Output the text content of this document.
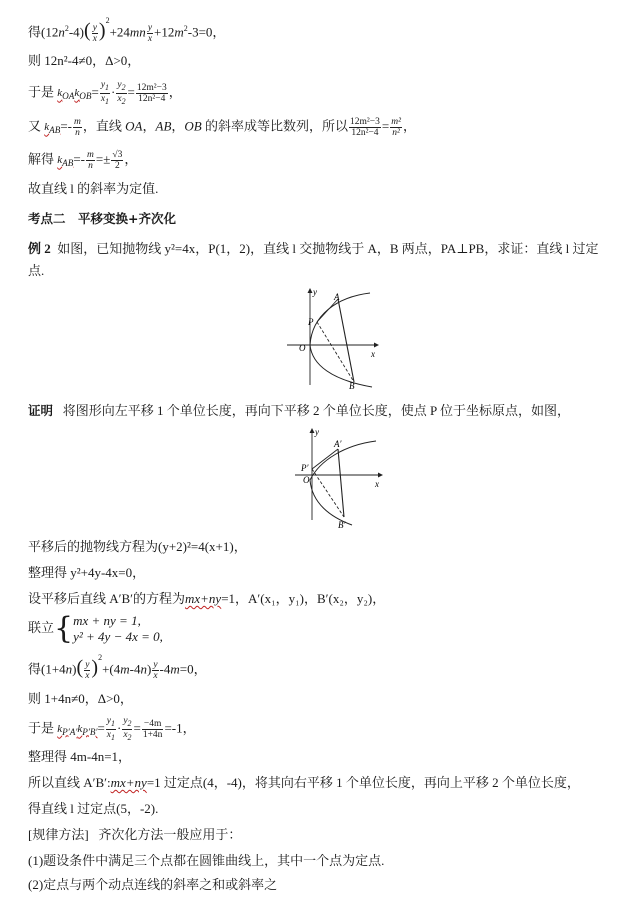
得$(12n^2-4)( \frac{y}{x} )^2+24mn \frac{y}{x} +12m^2-3=0$，
则 12n²-4≠0，Δ>0，
于是 $k_{OA}k_{OB}= \frac{y_1}{x_1} \cdot \frac{y_2}{x_2} = \frac{\text{12m²−3}}{\text{12n²−4}}$ ，
又 $k_{AB}=- \frac{m}{n}$ ，直线 OA，AB，OB 的斜率成等比数列，所以 $\frac{\text{12m²−3}}{\text{12n²−4}} = \frac{\text{m²}}{\text{n²}}$ ，
解得 $k_{AB}=- \frac{m}{n} =\pm \frac{√3}{2}$ ，
故直线 l 的斜率为定值.
考点二　平移变换+齐次化
例 2 如图，已知抛物线 y²=4x，P(1，2)，直线 l 交抛物线于 A，B 两点，PA⊥PB，求证：直线 l 过定
点.
y
x
O
P
A
B
证明 将图形向左平移 1 个单位长度，再向下平移 2 个单位长度，使点 P 位于坐标原点，如图，
y
x
O
P′
A′
B′
平移后的抛物线方程为(y+2)²=4(x+1)，
整理得 y²+4y-4x=0，
设平移后直线 A′B′的方程为mx+ny=1，A′(x₁，y₁)，B′(x₂，y₂)，
联立{mx + ny = 1,
y² + 4y − 4x = 0,
得$(1+4n)( \frac{y}{x} )^2+(4m-4n) \frac{y}{x} -4m=0$，
则 1+4n≠0，Δ>0，
于是 $k_{P'A'}k_{P'B'}= \frac{y_1}{x_1} \cdot \frac{y_2}{x_2} = \frac{-4m}{1+4n} =-1$，
整理得 4m-4n=1，
所以直线 A′B′:mx+ny=1 过定点(4，-4)，将其向右平移 1 个单位长度，再向上平移 2 个单位长度，
得直线 l 过定点(5，-2).
[规律方法] 齐次化方法一般应用于：
(1)题设条件中满足三个点都在圆锥曲线上，其中一个点为定点.
(2)定点与两个动点连线的斜率之和或斜率之
